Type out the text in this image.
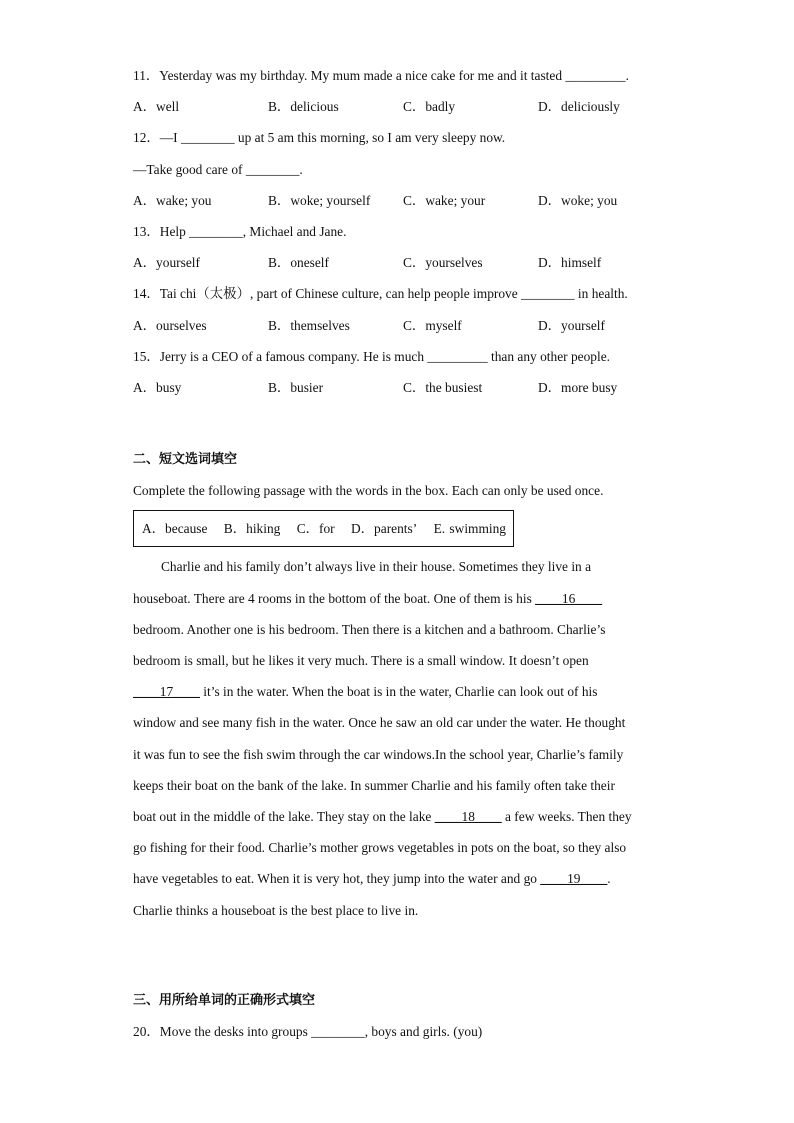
11．Yesterday was my birthday. My mum made a nice cake for me and it tasted _________.
A．well	B．delicious	C．badly	D．deliciously
12．—I ________ up at 5 am this morning, so I am very sleepy now.
—Take good care of ________.
A．wake; you	B．woke; yourself	C．wake; your	D．woke; you
13．Help ________, Michael and Jane.
A．yourself	B．oneself	C．yourselves	D．himself
14．Tai chi（太极）, part of Chinese culture, can help people improve ________ in health.
A．ourselves	B．themselves	C．myself	D．yourself
15．Jerry is a CEO of a famous company. He is much _________ than any other people.
A．busy	B．busier	C．the busiest	D．more busy
二、短文选词填空
Complete the following passage with the words in the box. Each can only be used once.
A．because B．hiking C．for D．parents’ E. swimming
Charlie and his family don’t always live in their house. Sometimes they live in a
houseboat. There are 4 rooms in the bottom of the boat. One of them is his ____16____
bedroom. Another one is his bedroom. Then there is a kitchen and a bathroom. Charlie’s
bedroom is small, but he likes it very much. There is a small window. It doesn’t open
____17____ it’s in the water. When the boat is in the water, Charlie can look out of his
window and see many fish in the water. Once he saw an old car under the water. He thought
it was fun to see the fish swim through the car windows.In the school year, Charlie’s family
keeps their boat on the bank of the lake. In summer Charlie and his family often take their
boat out in the middle of the lake. They stay on the lake ____18____ a few weeks. Then they
go fishing for their food. Charlie’s mother grows vegetables in pots on the boat, so they also
have vegetables to eat. When it is very hot, they jump into the water and go ____19____.
Charlie thinks a houseboat is the best place to live in.
三、用所给单词的正确形式填空
20．Move the desks into groups ________, boys and girls. (you)
